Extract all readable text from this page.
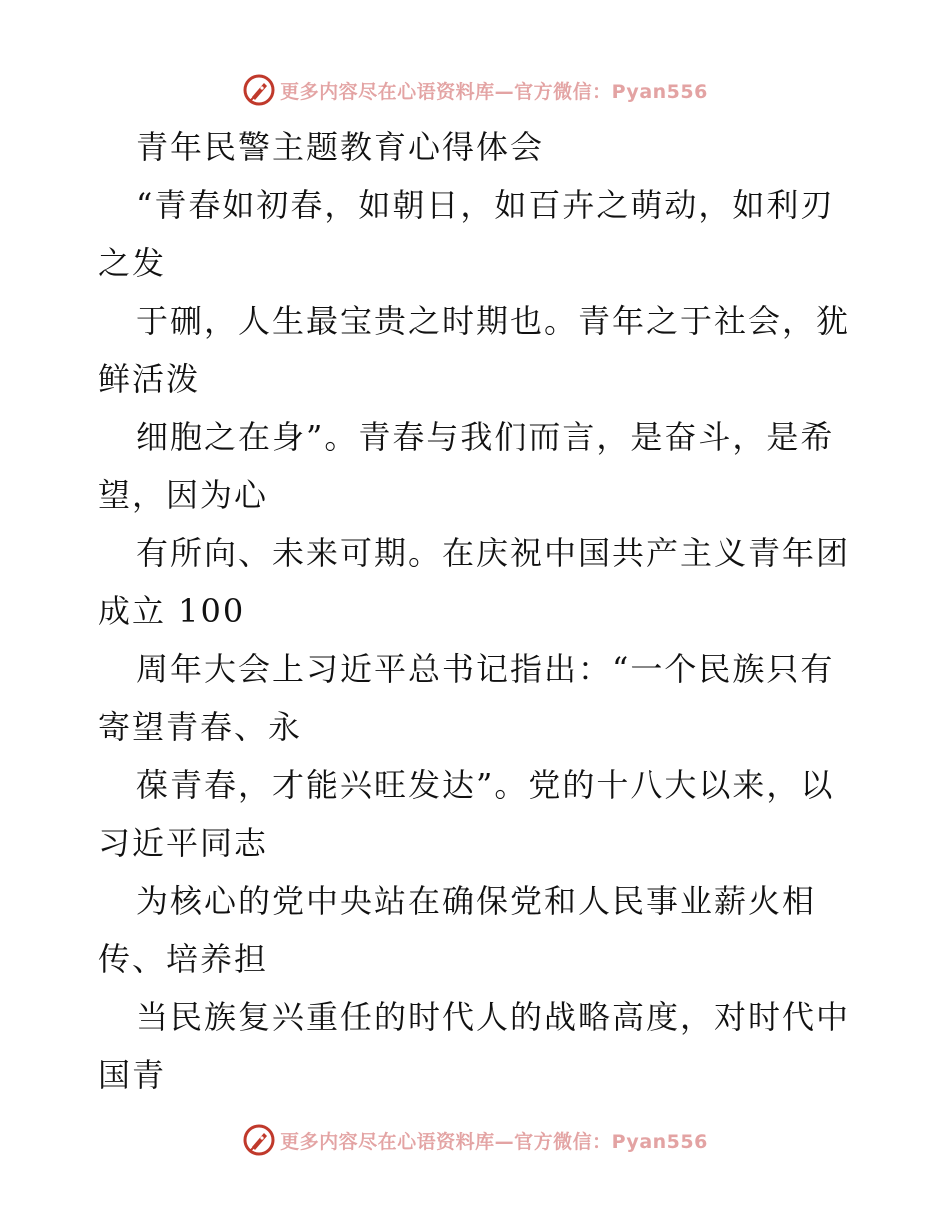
更多内容尽在心语资料库—官方微信：Pyan556
青年民警主题教育心得体会
“青春如初春，如朝日，如百卉之萌动，如利刃
之发
于硎，人生最宝贵之时期也。青年之于社会，犹
鲜活泼
细胞之在身”。青春与我们而言，是奋斗，是希
望，因为心
有所向、未来可期。在庆祝中国共产主义青年团
成立 100
周年大会上习近平总书记指出：“一个民族只有
寄望青春、永
葆青春，才能兴旺发达”。党的十八大以来，以
习近平同志
为核心的党中央站在确保党和人民事业薪火相
传、培养担
当民族复兴重任的时代人的战略高度，对时代中
国青
更多内容尽在心语资料库—官方微信：Pyan556
